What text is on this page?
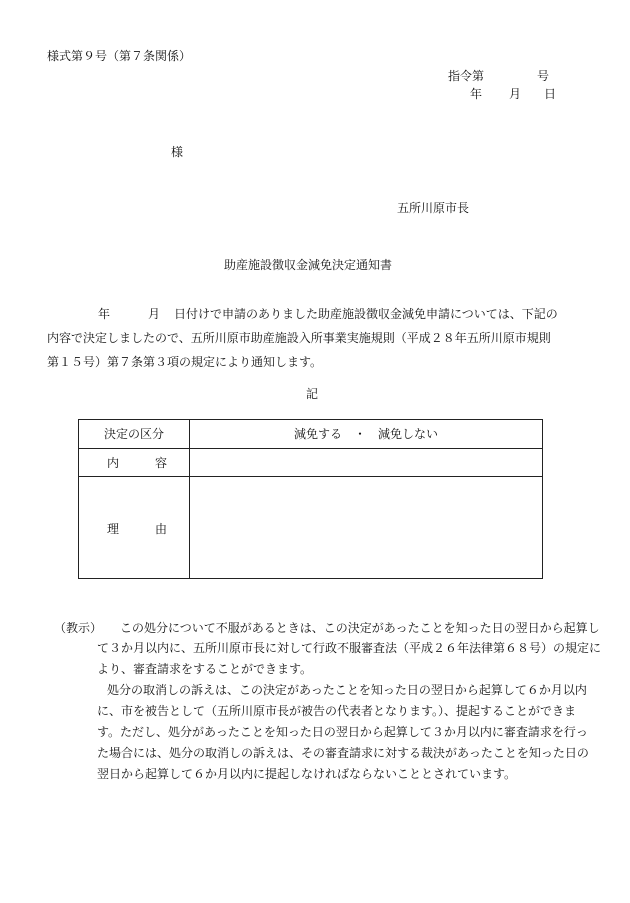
様式第９号（第７条関係）
指令第	号
年 月 日
様
五所川原市長
助産施設徴収金減免決定通知書
年	月 日付けで申請のありました助産施設徴収金減免申請については、下記の
内容で決定しましたので、五所川原市助産施設入所事業実施規則（平成２８年五所川原市規則
第１５号）第７条第３項の規定により通知します。
記
決定の区分	減免する　・　減免しない
内	容
理	由
（教示） この処分について不服があるときは、この決定があったことを知った日の翌日から起算し
て３か月以内に、五所川原市長に対して行政不服審査法（平成２６年法律第６８号）の規定に
より、審査請求をすることができます。
処分の取消しの訴えは、この決定があったことを知った日の翌日から起算して６か月以内
に、市を被告として（五所川原市長が被告の代表者となります。）、提起することができま
す。ただし、処分があったことを知った日の翌日から起算して３か月以内に審査請求を行っ
た場合には、処分の取消しの訴えは、その審査請求に対する裁決があったことを知った日の
翌日から起算して６か月以内に提起しなければならないこととされています。
